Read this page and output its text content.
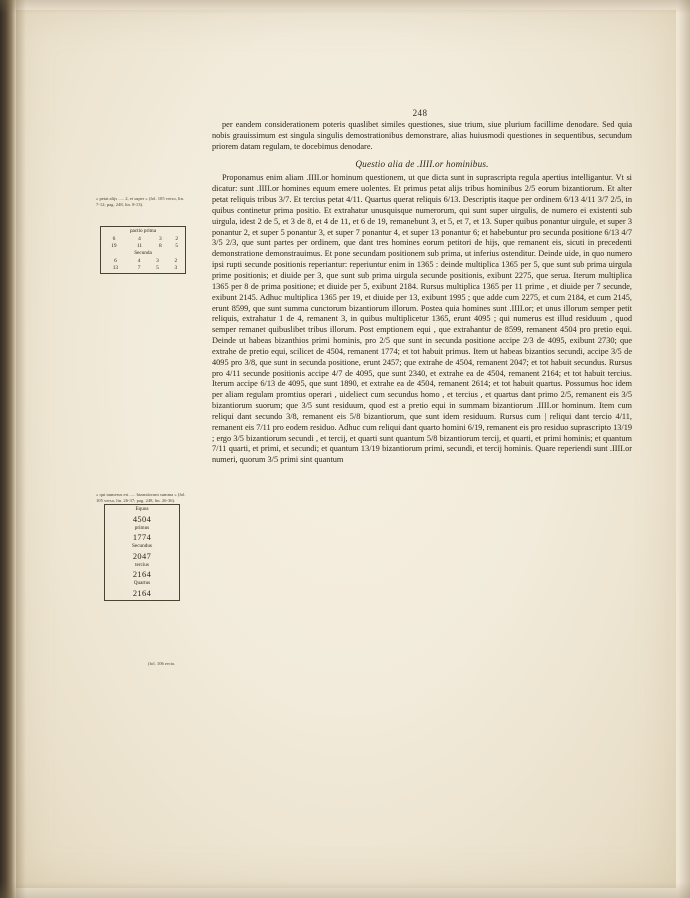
248
« petat alijs ..... 2, et super » (fol. 105 verso, lin. 7-12; pag. 248, lin. 8-13).
« qui numerus est ..... bizantiorum summa » (fol. 105 verso, lin. 26-37; pag. 248, lin. 26-36).
(fol. 106 recto.
pactio prima
6	4	3	2
19	11	8	5
Secunda
6	4	3	2
13	7	5	3
Equus
4504
primus
1774
Secundus
2047
tercius
2164
Quartus
2164

per eandem considerationem poteris quaslibet similes questiones, siue trium, siue plurium facillime denodare. Sed quia nobis grauissimum est singula singulis demostrationibus demonstrare, alias huiusmodi questiones in sequentibus, secundum priorem datam regulam, te docebimus denodare.

Questio alia de .IIII.or hominibus.

Proponamus enim aliam .IIII.or hominum questionem, ut que dicta sunt in suprascripta regula apertius intelligantur. Vt si dicatur: sunt .IIII.or homines equum emere uolentes. Et primus petat alijs tribus hominibus 2/5 eorum bizantiorum. Et alter petat reliquis tribus 3/7. Et tercius petat 4/11. Quartus querat reliquis 6/13. Descriptis itaque per ordinem 6/13 4/11 3/7 2/5, in quibus continetur prima positio. Et extrahatur unusquisque numerorum, qui sunt super uirgulis, de numero ei existenti sub uirgula, idest 2 de 5, et 3 de 8, et 4 de 11, et 6 de 19, remanebunt 3, et 5, et 7, et 13. Super quibus ponantur uirgule, et super 3 ponantur 2, et super 5 ponantur 3, et super 7 ponantur 4, et super 13 ponantur 6; et habebuntur pro secunda positione 6/13 4/7 3/5 2/3, que sunt partes per ordinem, que dant tres homines eorum petitori de hijs, que remanent eis, sicuti in precedenti demonstratione demonstrauimus. Et pone secundam positionem sub prima, ut inferius ostenditur. Deinde uide, in quo numero ipsi rupti secunde positionis reperiantur: reperiuntur enim in 1365 : deinde multiplica 1365 per 5, que sunt sub prima uirgula prime positionis; et diuide per 3, que sunt sub prima uirgula secunde positionis, exibunt 2275, que serua. Iterum multiplica 1365 per 8 de prima positione; et diuide per 5, exibunt 2184. Rursus multiplica 1365 per 11 prime , et diuide per 7 secunde, exibunt 2145. Adhuc multiplica 1365 per 19, et diuide per 13, exibunt 1995 ; que adde cum 2275, et cum 2184, et cum 2145, erunt 8599, que sunt summa cunctorum bizantiorum illorum. Postea quia homines sunt .IIII.or; et unus illorum semper petit reliquis, extrahatur 1 de 4, remanent 3, in quibus multiplicetur 1365, erunt 4095 ; qui numerus est illud residuum , quod semper remanet quibuslibet tribus illorum. Post emptionem equi , que extrahantur de 8599, remanent 4504 pro pretio equi. Deinde ut habeas bizanthios primi hominis, pro 2/5 que sunt in secunda positione accipe 2/3 de 4095, exibunt 2730; que extrahe de pretio equi, scilicet de 4504, remanent 1774; et tot habuit primus. Item ut habeas bizantios secundi, accipe 3/5 de 4095 pro 3/8, que sunt in secunda positione, erunt 2457; que extrahe de 4504, remanent 2047; et tot habuit secundus. Rursus pro 4/11 secunde positionis accipe 4/7 de 4095, que sunt 2340, et extrahe ea de 4504, remanent 2164; et tot habuit tercius. Iterum accipe 6/13 de 4095, que sunt 1890, et extrahe ea de 4504, remanent 2614; et tot habuit quartus. Possumus hoc idem per aliam regulam promtius operari , uideliect cum secundus homo , et tercius , et quartus dant primo 2/5, remanent eis 3/5 bizantiorum suorum; que 3/5 sunt residuum, quod est a pretio equi in summam bizantiorum .IIII.or hominum. Item cum reliqui dant secundo 3/8, remanent eis 5/8 bizantiorum, que sunt idem residuum. Rursus cum | reliqui dant tercio 4/11, remanent eis 7/11 pro eodem residuo. Adhuc cum reliqui dant quarto homini 6/19, remanent eis pro residuo suprascripto 13/19 ; ergo 3/5 bizantiorum secundi , et tercij, et quarti sunt quantum 5/8 bizantiorum tercij, et quarti, et primi hominis; et quantum 7/11 quarti, et primi, et secundi; et quantum 13/19 bizantiorum primi, secundi, et tercij hominis. Quare reperiendi sunt .IIII.or numeri, quorum 3/5 primi sint quantum
